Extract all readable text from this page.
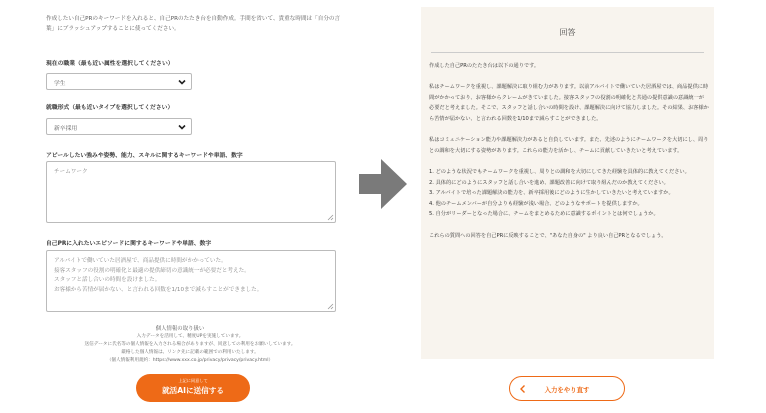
作成したい自己PRのキーワードを入れると、自己PRのたたき台を自動作成。手間を省いて、貴重な時間は「自分の言葉」にブラッシュアップすることに使ってください。
現在の職業（最も近い属性を選択してください）
学生
就職形式（最も近いタイプを選択してください）
新卒採用
アピールしたい強みや姿勢、能力、スキルに関するキーワードや単語、数字
チームワーク
自己PRに入れたいエピソードに関するキーワードや単語、数字
アルバイトで働いていた居酒屋で、商品提供に時間がかかっていた。
接客スタッフの役割の明確化と最適の提供締切の意識統一が必要だと考えた。
スタッフと話し合いの時間を設けました。
お客様から苦情が届かない、と言われる回数を1/10まで減らすことができました。
個人情報の取り扱い
入力データを活用して、精度UPを実施しています。
送信データに氏名等の個人情報を入力される場合がありますが、同意しての利用をお願いしています。
厳格した個人情報は、リンク先に記載の範囲での利用いたします。
（個人情報利用規約：https://www.xxx.co.jp/privacy/privacy/privacy.html）
上記に同意して
就活AIに送信する
回答

作成した自己PRのたたき台は以下の通りです。

私はチームワークを重視し、課題解決に取り組む力があります。以前アルバイトで働いていた居酒屋では、商品提供に時間がかかっており、お客様からクレームがきていました。接客スタッフの役割の明確化と共通の提供意識の意識統一が必要だと考えました。そこで、スタッフと話し合いの時間を設け、課題解決に向けて協力しました。その結果、お客様から苦情が届かない、と言われる回数を1/10まで減らすことができました。

私はコミュニケーション能力や課題解決力があると自負しています。また、先述のようにチームワークを大切にし、周りとの調和を大切にする姿勢があります。これらの能力を活かし、チームに貢献していきたいと考えています。

1. どのような状況でもチームワークを重視し、周りとの調和を大切にしてきた経験を具体的に教えてください。
2. 具体的にどのようにスタッフと話し合いを進め、課題改善に向けて取り組んだのか教えてください。
3. アルバイトで培った課題解決の能力を、新卒採用後にどのように生かしていきたいと考えていますか。
4. 他のチームメンバーが自分よりも経験が浅い場合、どのようなサポートを提供しますか。

5. 自分がリーダーとなった場合に、チームをまとめるために意識するポイントとは何でしょうか。

これらの質問への回答を自己PRに反映することで、"あなた自身の" より良い自己PRとなるでしょう。

入力をやり直す
